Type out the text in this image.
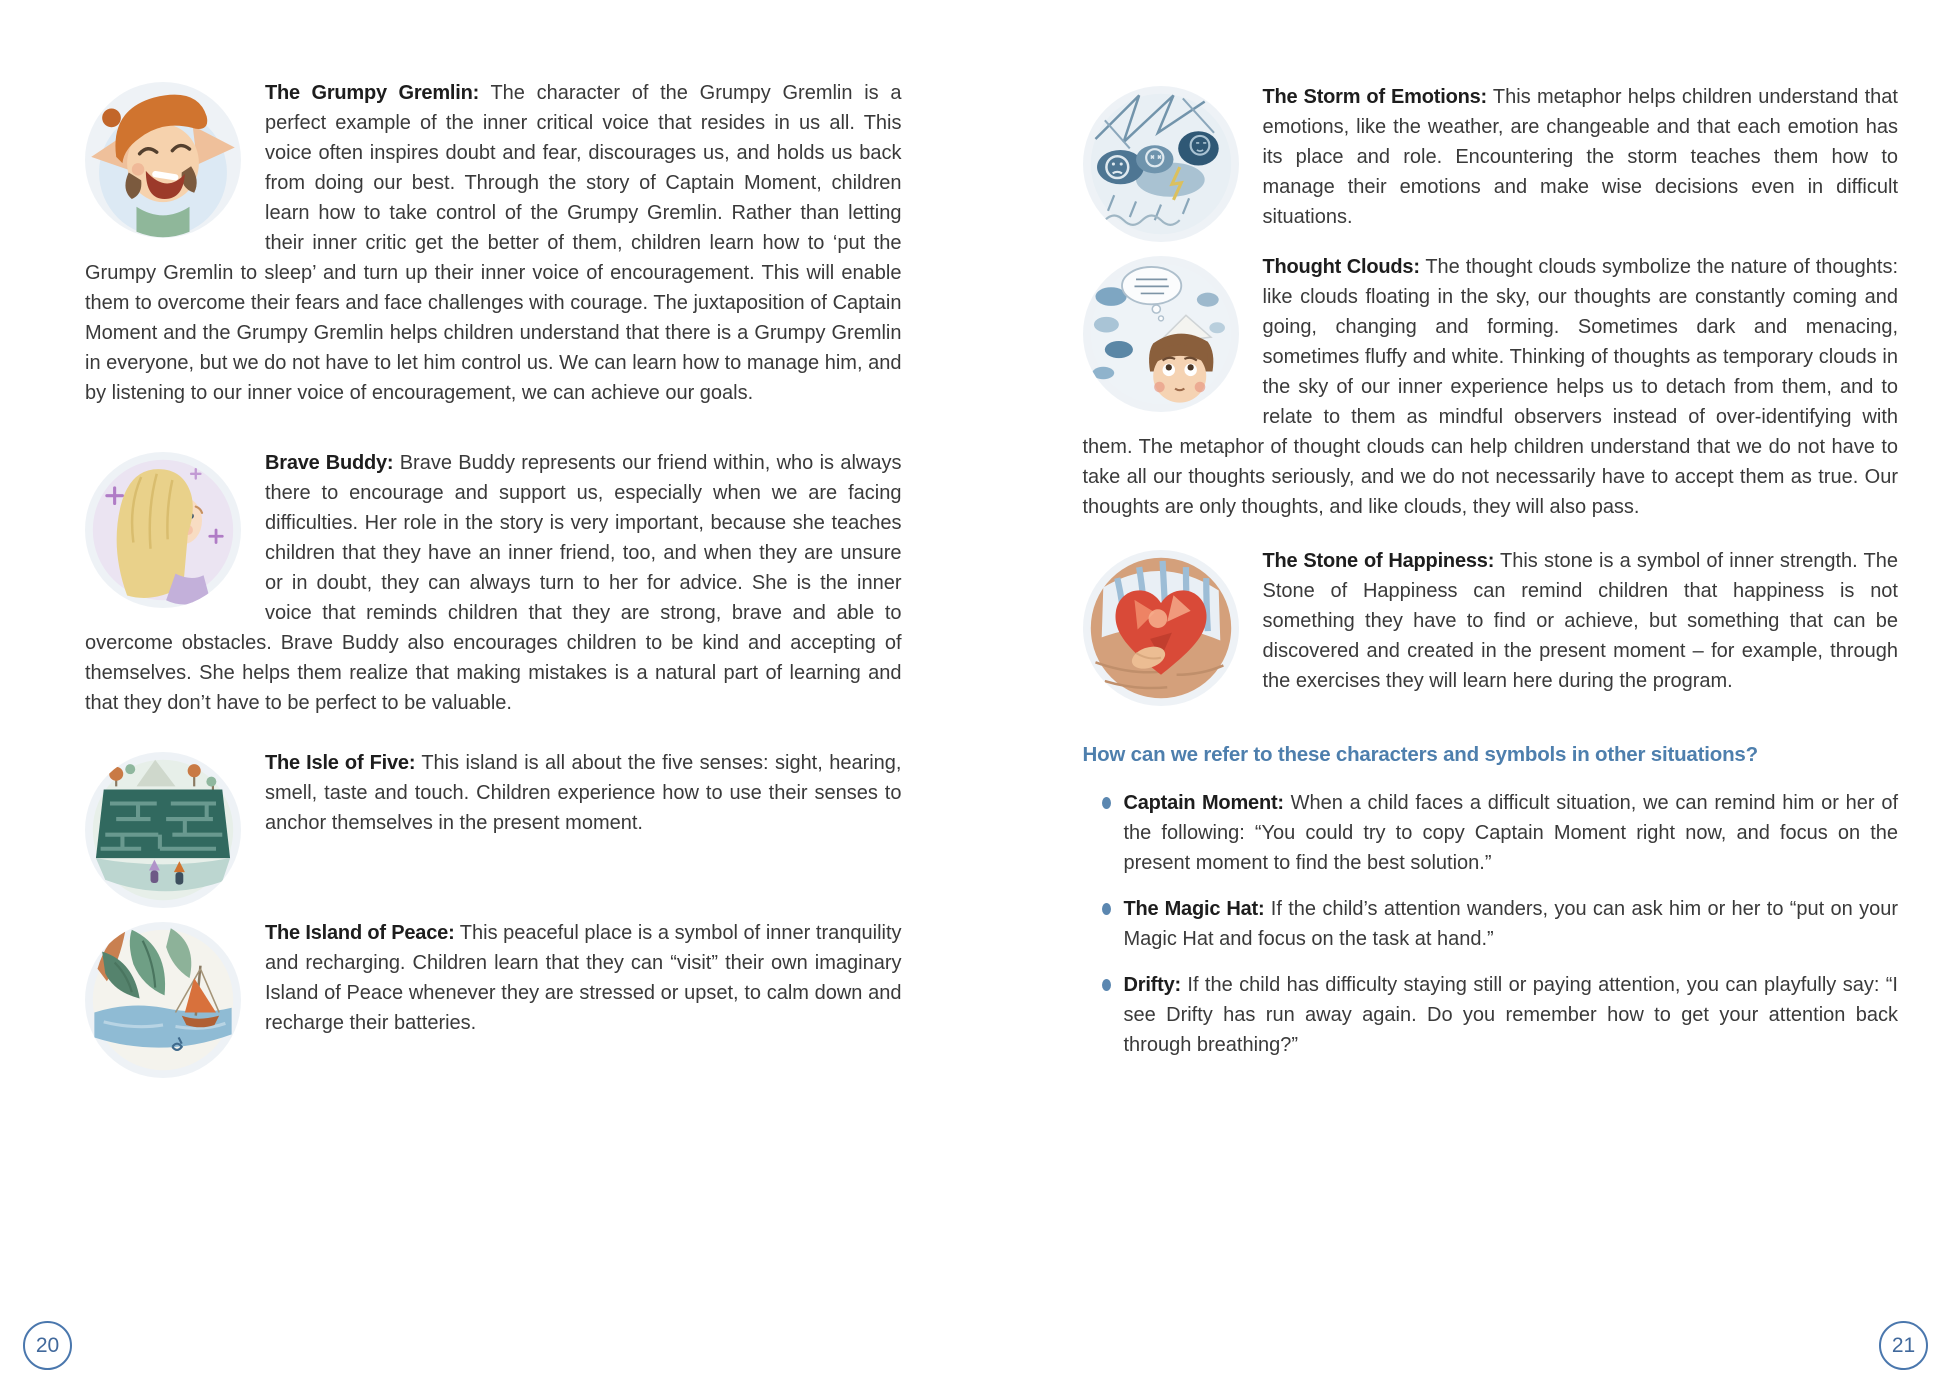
The Grumpy Gremlin: The character of the Grumpy Gremlin is a perfect example of the inner critical voice that resides in us all. This voice often inspires doubt and fear, discourages us, and holds us back from doing our best. Through the story of Captain Moment, children learn how to take control of the Grumpy Gremlin. Rather than letting their inner critic get the better of them, children learn how to ‘put the Grumpy Gremlin to sleep’ and turn up their inner voice of encouragement. This will enable them to overcome their fears and face challenges with courage. The juxtaposition of Captain Moment and the Grumpy Gremlin helps children understand that there is a Grumpy Gremlin in everyone, but we do not have to let him control us. We can learn how to manage him, and by listening to our inner voice of encouragement, we can achieve our goals.

Brave Buddy: Brave Buddy represents our friend within, who is always there to encourage and support us, especially when we are facing difficulties. Her role in the story is very important, because she teaches children that they have an inner friend, too, and when they are unsure or in doubt, they can always turn to her for advice. She is the inner voice that reminds children that they are strong, brave and able to overcome obstacles. Brave Buddy also encourages children to be kind and accepting of themselves. She helps them realize that making mistakes is a natural part of learning and that they don’t have to be perfect to be valuable.

The Isle of Five: This island is all about the five senses: sight, hearing, smell, taste and touch. Children experience how to use their senses to anchor themselves in the present moment.

The Island of Peace: This peaceful place is a symbol of inner tranquility and recharging. Children learn that they can “visit” their own imaginary Island of Peace whenever they are stressed or upset, to calm down and recharge their batteries.

20

The Storm of Emotions: This metaphor helps children understand that emotions, like the weather, are changeable and that each emotion has its place and role. Encountering the storm teaches them how to manage their emotions and make wise decisions even in difficult situations.

Thought Clouds: The thought clouds symbolize the nature of thoughts: like clouds floating in the sky, our thoughts are constantly coming and going, changing and forming. Sometimes dark and menacing, sometimes fluffy and white. Thinking of thoughts as temporary clouds in the sky of our inner experience helps us to detach from them, and to relate to them as mindful observers instead of over-identifying with them. The metaphor of thought clouds can help children understand that we do not have to take all our thoughts seriously, and we do not necessarily have to accept them as true. Our thoughts are only thoughts, and like clouds, they will also pass.

The Stone of Happiness: This stone is a symbol of inner strength. The Stone of Happiness can remind children that happiness is not something they have to find or achieve, but something that can be discovered and created in the present moment – for example, through the exercises they will learn here during the program.

How can we refer to these characters and symbols in other situations?
Captain Moment: When a child faces a difficult situation, we can remind him or her of the following: “You could try to copy Captain Moment right now, and focus on the present moment to find the best solution.”
The Magic Hat: If the child’s attention wanders, you can ask him or her to “put on your Magic Hat and focus on the task at hand.”
Drifty: If the child has difficulty staying still or paying attention, you can playfully say: “I see Drifty has run away again. Do you remember how to get your attention back through breathing?”
21
